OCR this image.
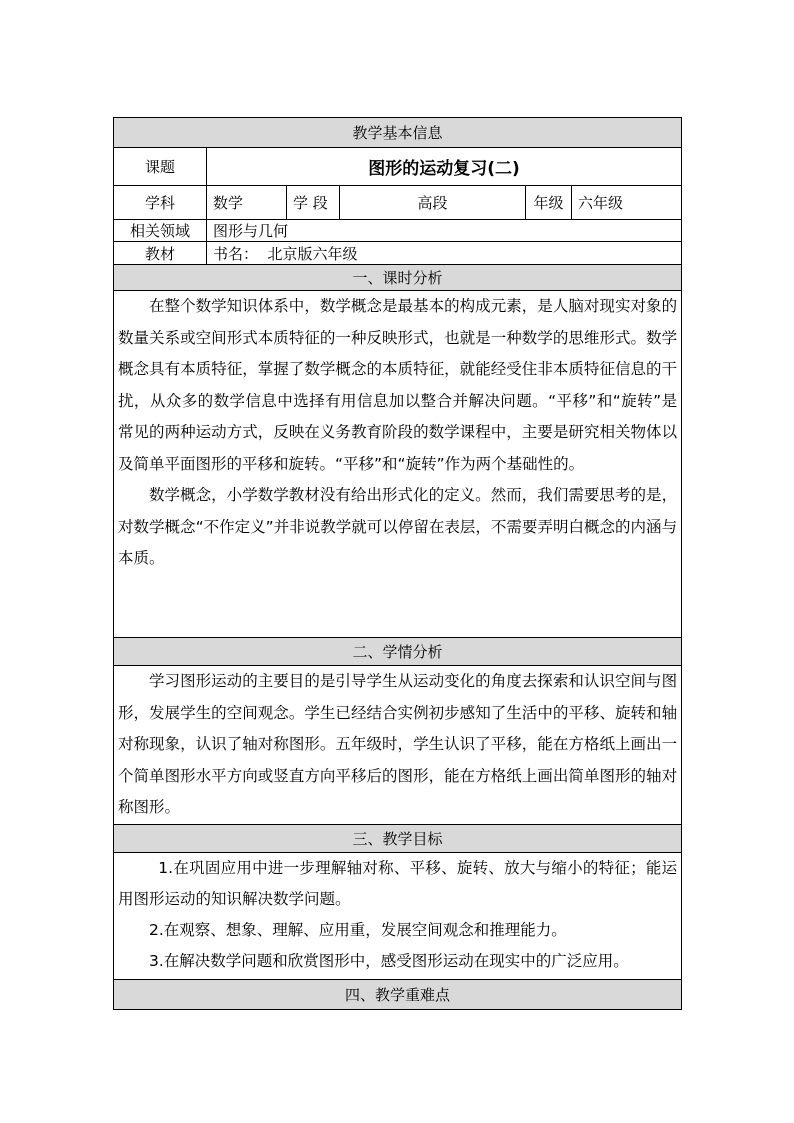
教学基本信息					
课题	图形的运动复习(二)				
学科	数学	学 段	高段	年级	六年级
相关领域	图形与几何				
教材	书名：  北京版六年级				
一、课时分析					

在整个数学知识体系中，数学概念是最基本的构成元素，是人脑对现实对象的数量关系或空间形式本质特征的一种反映形式，也就是一种数学的思维形式。数学概念具有本质特征，掌握了数学概念的本质特征，就能经受住非本质特征信息的干扰，从众多的数学信息中选择有用信息加以整合并解决问题。“平移”和“旋转”是常见的两种运动方式，反映在义务教育阶段的数学课程中，主要是研究相关物体以及简单平面图形的平移和旋转。“平移”和“旋转”作为两个基础性的。

数学概念，小学数学教材没有给出形式化的定义。然而，我们需要思考的是，对数学概念“不作定义”并非说教学就可以停留在表层，不需要弄明白概念的内涵与本质。					

二、学情分析					

学习图形运动的主要目的是引导学生从运动变化的角度去探索和认识空间与图形，发展学生的空间观念。学生已经结合实例初步感知了生活中的平移、旋转和轴对称现象，认识了轴对称图形。五年级时，学生认识了平移，能在方格纸上画出一个简单图形水平方向或竖直方向平移后的图形，能在方格纸上画出简单图形的轴对称图形。					

三、教学目标					

1.在巩固应用中进一步理解轴对称、平移、旋转、放大与缩小的特征；能运用图形运动的知识解决数学问题。

2.在观察、想象、理解、应用重，发展空间观念和推理能力。

3.在解决数学问题和欣赏图形中，感受图形运动在现实中的广泛应用。					

四、教学重难点					
